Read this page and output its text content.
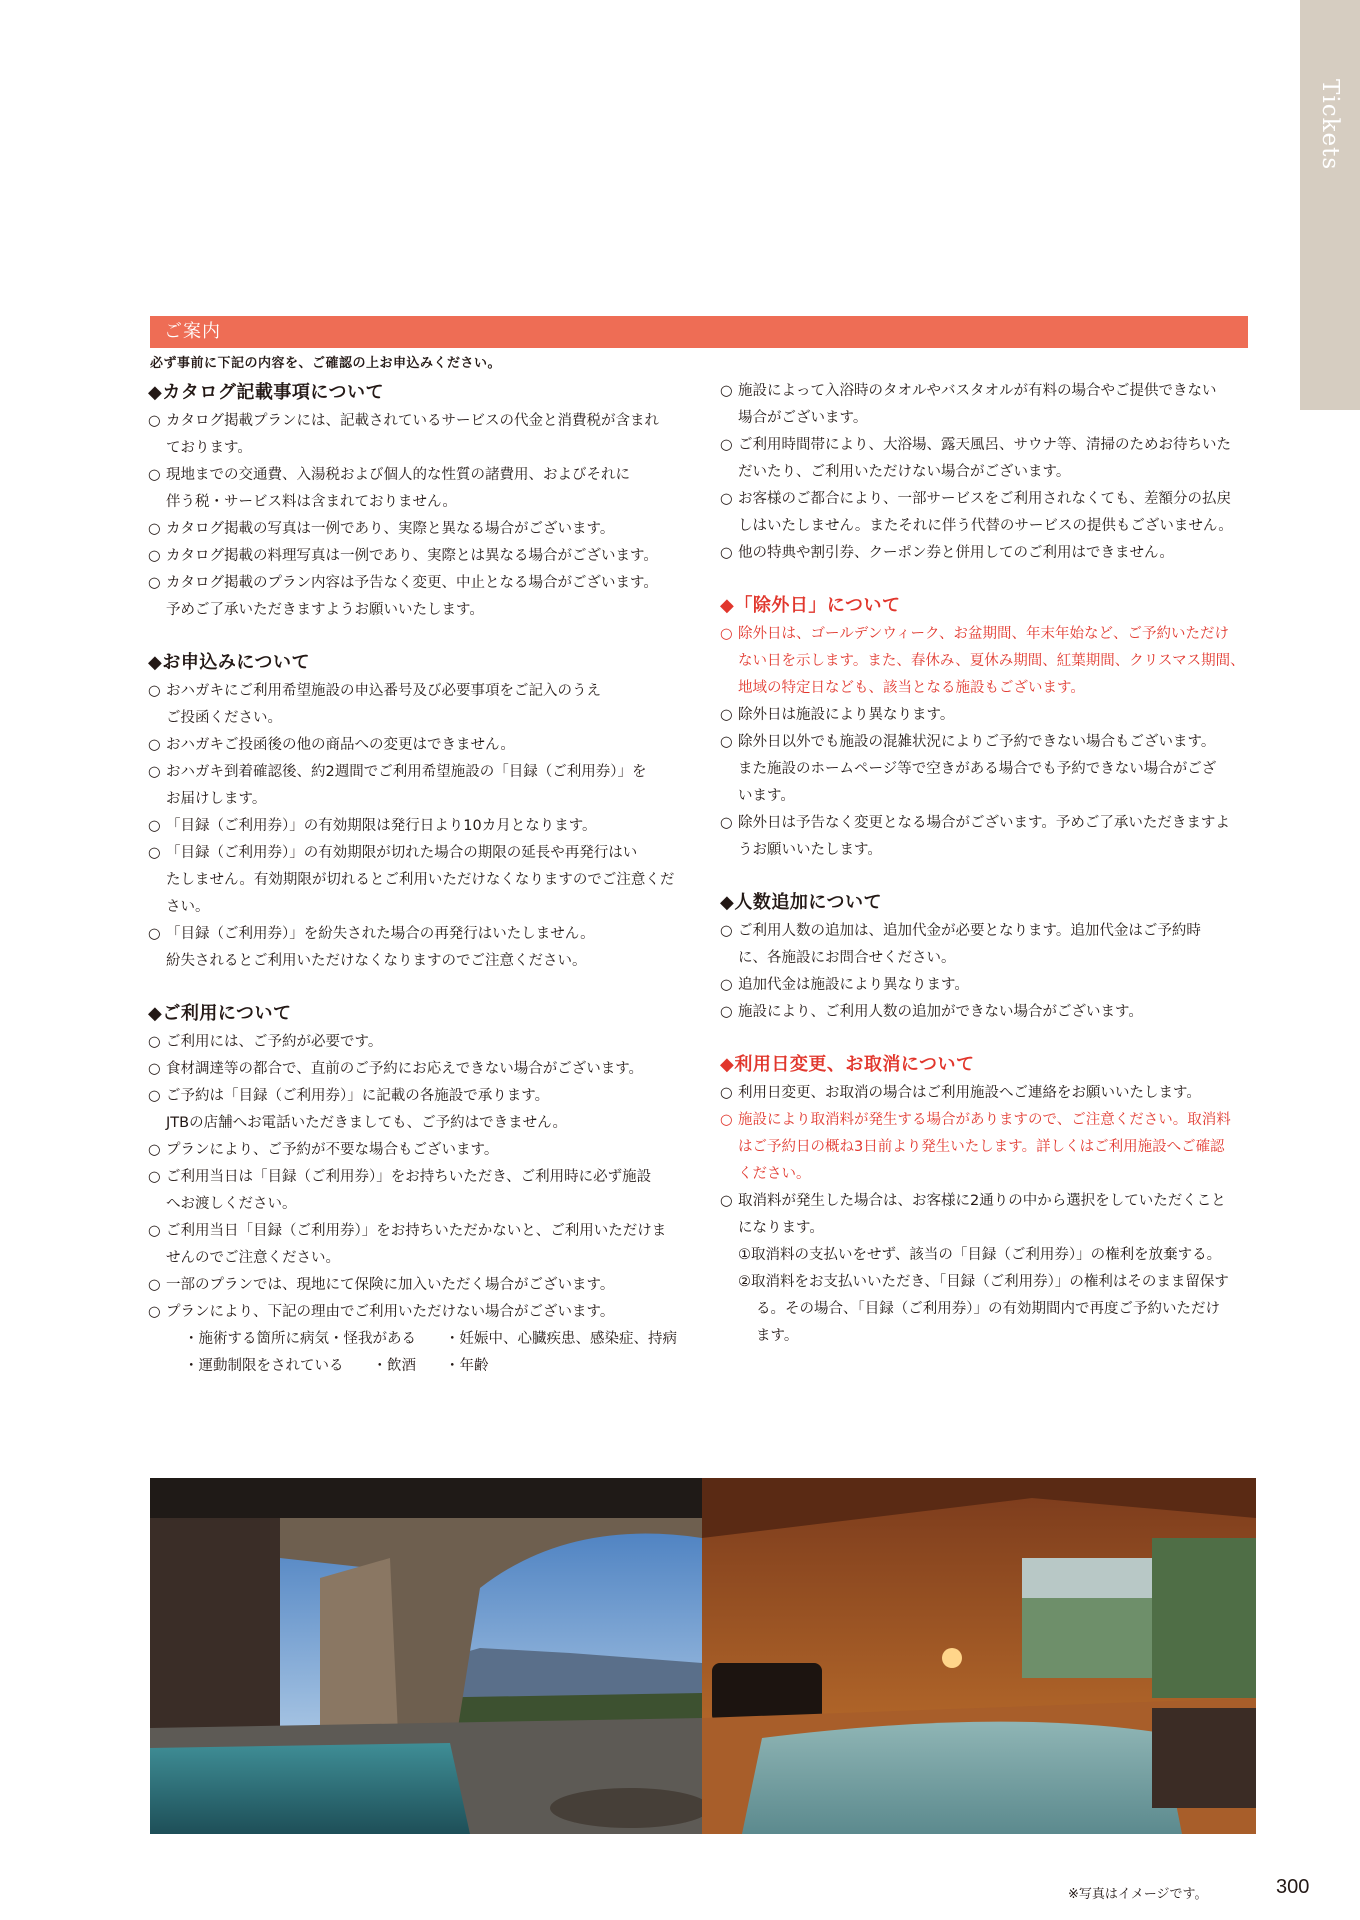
Tickets
ご案内
必ず事前に下記の内容を、ご確認の上お申込みください。
◆カタログ記載事項について
○ カタログ掲載プランには、記載されているサービスの代金と消費税が含まれ
ております。
○ 現地までの交通費、入湯税および個人的な性質の諸費用、およびそれに
伴う税・サービス料は含まれておりません。
○ カタログ掲載の写真は一例であり、実際と異なる場合がございます。
○ カタログ掲載の料理写真は一例であり、実際とは異なる場合がございます。
○ カタログ掲載のプラン内容は予告なく変更、中止となる場合がございます。
予めご了承いただきますようお願いいたします。
◆お申込みについて
○ おハガキにご利用希望施設の申込番号及び必要事項をご記入のうえ
ご投函ください。
○ おハガキご投函後の他の商品への変更はできません。
○ おハガキ到着確認後、約2週間でご利用希望施設の「目録（ご利用券）」を
お届けします。
○ 「目録（ご利用券）」の有効期限は発行日より10カ月となります。
○ 「目録（ご利用券）」の有効期限が切れた場合の期限の延長や再発行はい
たしません。有効期限が切れるとご利用いただけなくなりますのでご注意くだ
さい。
○ 「目録（ご利用券）」を紛失された場合の再発行はいたしません。
紛失されるとご利用いただけなくなりますのでご注意ください。
◆ご利用について
○ ご利用には、ご予約が必要です。
○ 食材調達等の都合で、直前のご予約にお応えできない場合がございます。
○ ご予約は「目録（ご利用券）」に記載の各施設で承ります。
JTBの店舗へお電話いただきましても、ご予約はできません。
○ プランにより、ご予約が不要な場合もございます。
○ ご利用当日は「目録（ご利用券）」をお持ちいただき、ご利用時に必ず施設
へお渡しください。
○ ご利用当日「目録（ご利用券）」をお持ちいただかないと、ご利用いただけま
せんのでご注意ください。
○ 一部のプランでは、現地にて保険に加入いただく場合がございます。
○ プランにより、下記の理由でご利用いただけない場合がございます。
・施術する箇所に病気・怪我がある　　・妊娠中、心臓疾患、感染症、持病
・運動制限をされている　　・飲酒　　・年齢
○ 施設によって入浴時のタオルやバスタオルが有料の場合やご提供できない
場合がございます。
○ ご利用時間帯により、大浴場、露天風呂、サウナ等、清掃のためお待ちいた
だいたり、ご利用いただけない場合がございます。
○ お客様のご都合により、一部サービスをご利用されなくても、差額分の払戻
しはいたしません。またそれに伴う代替のサービスの提供もございません。
○ 他の特典や割引券、クーポン券と併用してのご利用はできません。
◆「除外日」について
○ 除外日は、ゴールデンウィーク、お盆期間、年末年始など、ご予約いただけ
ない日を示します。また、春休み、夏休み期間、紅葉期間、クリスマス期間、
地域の特定日なども、該当となる施設もございます。
○ 除外日は施設により異なります。
○ 除外日以外でも施設の混雑状況によりご予約できない場合もございます。
また施設のホームページ等で空きがある場合でも予約できない場合がござ
います。
○ 除外日は予告なく変更となる場合がございます。予めご了承いただきますよ
うお願いいたします。
◆人数追加について
○ ご利用人数の追加は、追加代金が必要となります。追加代金はご予約時
に、各施設にお問合せください。
○ 追加代金は施設により異なります。
○ 施設により、ご利用人数の追加ができない場合がございます。
◆利用日変更、お取消について
○ 利用日変更、お取消の場合はご利用施設へご連絡をお願いいたします。
○ 施設により取消料が発生する場合がありますので、ご注意ください。取消料
はご予約日の概ね3日前より発生いたします。詳しくはご利用施設へご確認
ください。
○ 取消料が発生した場合は、お客様に2通りの中から選択をしていただくこと
になります。
①取消料の支払いをせず、該当の「目録（ご利用券）」の権利を放棄する。
②取消料をお支払いいただき、「目録（ご利用券）」の権利はそのまま留保す
る。その場合、「目録（ご利用券）」の有効期間内で再度ご予約いただけ
ます。
※写真はイメージです。	300
